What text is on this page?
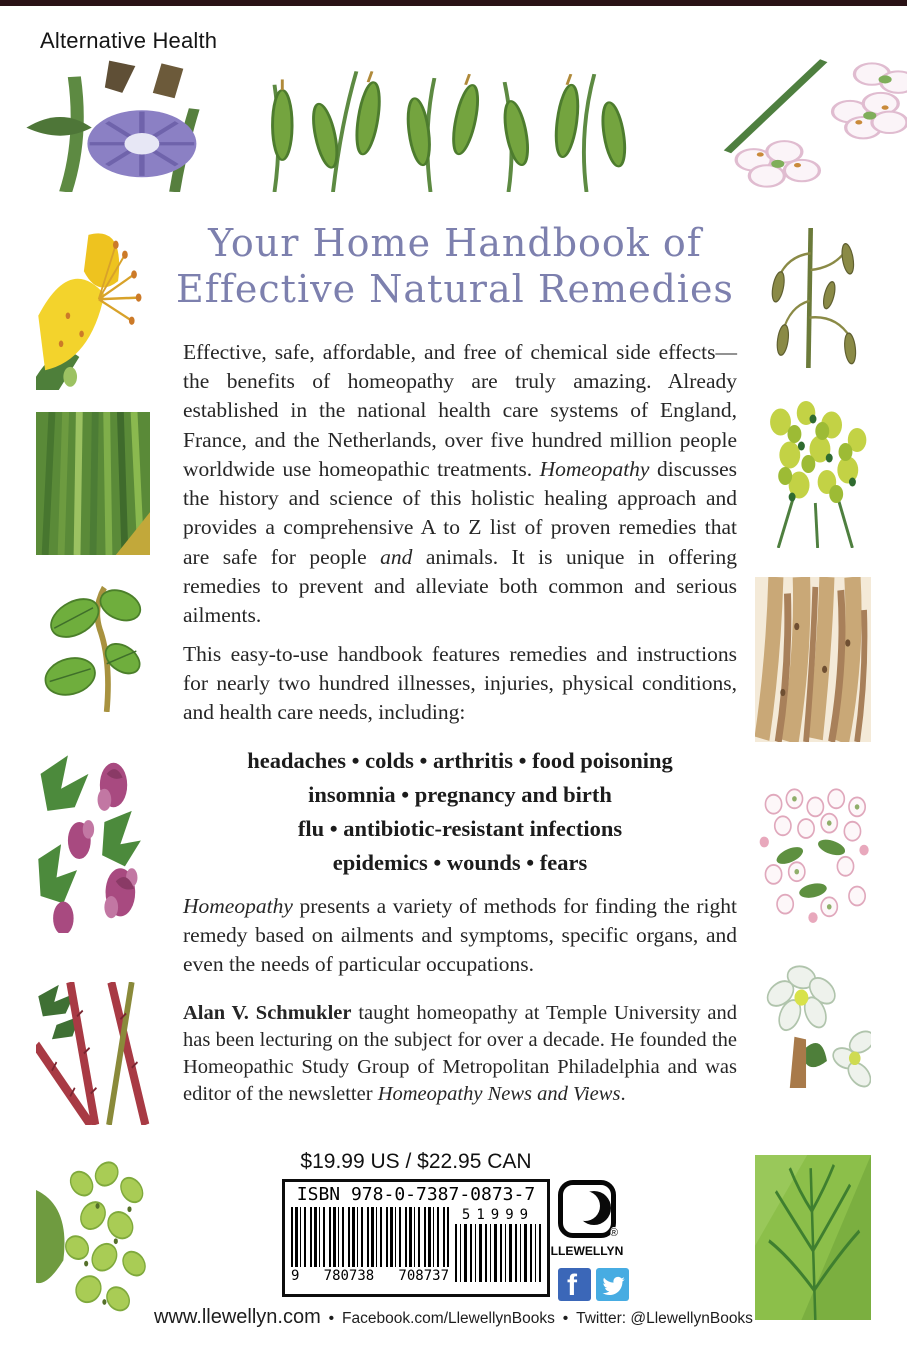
Alternative Health
Your Home Handbook of
Effective Natural Remedies
Effective, safe, affordable, and free of chemical side effects—the benefits of homeopathy are truly amazing. Already established in the national health care systems of England, France, and the Netherlands, over five hundred million people worldwide use homeopathic treatments. Homeopathy discusses the history and science of this holistic healing approach and provides a comprehensive A to Z list of proven remedies that are safe for people and animals. It is unique in offering remedies to prevent and alleviate both common and serious ailments.
This easy-to-use handbook features remedies and instructions for nearly two hundred illnesses, injuries, physical conditions, and health care needs, including:
headaches • colds • arthritis • food poisoning
insomnia • pregnancy and birth
flu • antibiotic-resistant infections
epidemics • wounds • fears
Homeopathy presents a variety of methods for finding the right remedy based on ailments and symptoms, specific organs, and even the needs of particular occupations.
Alan V. Schmukler taught homeopathy at Temple University and has been lecturing on the subject for over a decade. He founded the Homeopathic Study Group of Metropolitan Philadelphia and was editor of the newsletter Homeopathy News and Views.
$19.99 US / $22.95 CAN
ISBN 978-0-7387-0873-7
9 780738 708737
51999
®
LLEWELLYN
f
www.llewellyn.com • Facebook.com/LlewellynBooks • Twitter: @LlewellynBooks
